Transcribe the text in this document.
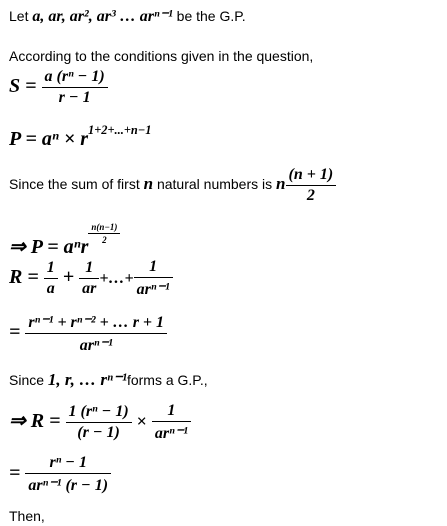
Let a, ar, ar², ar³ … arⁿ⁻¹ be the G.P.
According to the conditions given in the question,
$S = \frac{\text{a (rⁿ − 1)}}{r - 1}$
$P = a^n \times r^{1+2+...+n-1}$
Since the sum of first n natural numbers is n $\frac{(n + 1)}{2}$
⇒ P = aⁿr
$\frac{n(n-1)}{2}$
$R = \frac{1}{a} + \frac{1}{ar}$ +…+ $\frac{1}{\text{arⁿ⁻¹}}$
= $\frac{\text{rⁿ⁻¹ + rⁿ⁻² + … r + 1}}{\text{arⁿ⁻¹}}$
Since 1, r, … rⁿ⁻¹forms a G.P.,
⇒ $R = \frac{\text{1 (rⁿ − 1)}}{(r - 1)} \times \frac{1}{\text{arⁿ⁻¹}}$
= $\frac{\text{rⁿ − 1}}{\text{arⁿ⁻¹ (r − 1)}}$
Then,
